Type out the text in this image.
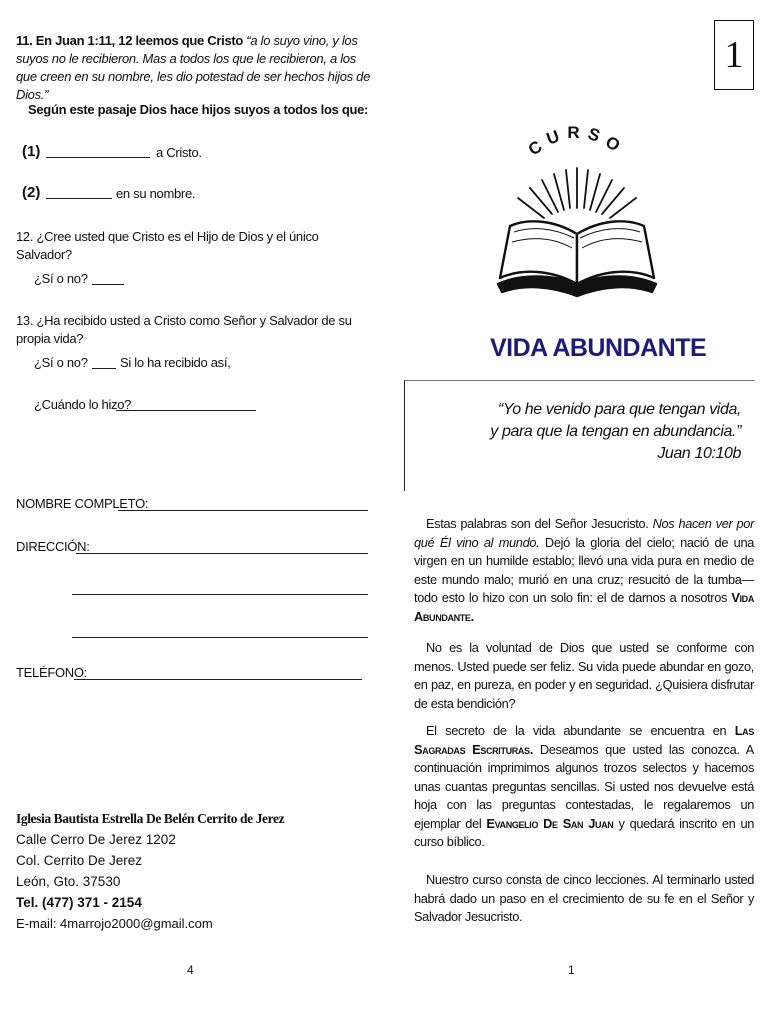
11. En Juan 1:11, 12 leemos que Cristo “a lo suyo vino, y los suyos no le recibieron. Mas a todos los que le recibieron, a los que creen en su nombre, les dio potestad de ser hechos hijos de Dios.”
Según este pasaje Dios hace hijos suyos a todos los que:
(1)	a Cristo.
(2)	en su nombre.
12. ¿Cree usted que Cristo es el Hijo de Dios y el único Salvador?
¿Sí o no?
13. ¿Ha recibido usted a Cristo como Señor y Salvador de su propia vida?
¿Sí o no? Si lo ha recibido así,
¿Cuándo lo hizo?
NOMBRE COMPLETO:
DIRECCIÓN:
TELÉFONO:
Iglesia Bautista Estrella De Belén Cerrito de Jerez
Calle Cerro De Jerez 1202
Col. Cerrito De Jerez
León, Gto. 37530
Tel. (477) 371 - 2154
E-mail: 4marrojo2000@gmail.com
4
1
CURSO
VIDA ABUNDANTE
“Yo he venido para que tengan vida,
y para que la tengan en abundancia.”
Juan 10:10b
Estas palabras son del Señor Jesucristo. Nos hacen ver por qué Él vino al mundo. Dejó la gloria del cielo; nació de una virgen en un humilde establo; llevó una vida pura en medio de este mundo malo; murió en una cruz; resucitó de la tumba—todo esto lo hizo con un solo fin: el de darnos a nosotros Vida Abundante.
No es la voluntad de Dios que usted se conforme con menos. Usted puede ser feliz. Su vida puede abundar en gozo, en paz, en pureza, en poder y en seguridad. ¿Quisiera disfrutar de esta bendición?
El secreto de la vida abundante se encuentra en Las Sagradas Escrituras. Deseamos que usted las conozca. A continuación imprimimos algunos trozos selectos y hacemos unas cuantas preguntas sencillas. Si usted nos devuelve está hoja con las preguntas contestadas, le regalaremos un ejemplar del Evangelio De San Juan y quedará inscrito en un curso bíblico.
Nuestro curso consta de cinco lecciones. Al terminarlo usted habrá dado un paso en el crecimiento de su fe en el Señor y Salvador Jesucristo.
1
